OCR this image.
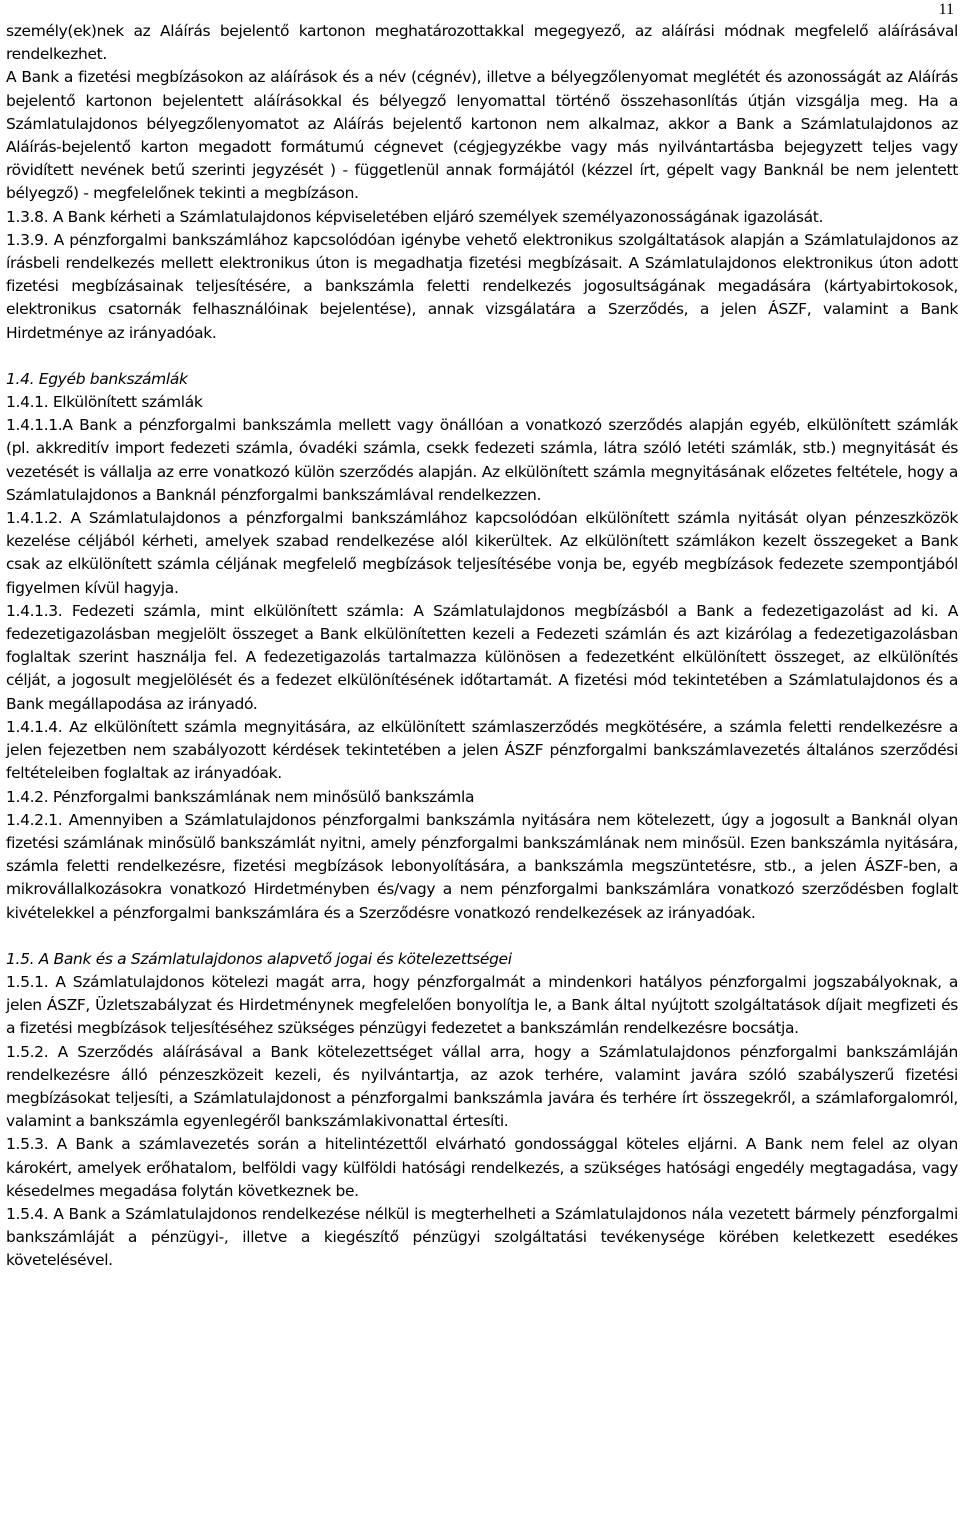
11

személy(ek)nek az Aláírás bejelentő kartonon meghatározottakkal megegyező, az aláírási módnak megfelelő aláírásával rendelkezhet.

A Bank a fizetési megbízásokon az aláírások és a név (cégnév), illetve a bélyegzőlenyomat meglétét és azonosságát az Aláírás bejelentő kartonon bejelentett aláírásokkal és bélyegző lenyomattal történő összehasonlítás útján vizsgálja meg. Ha a Számlatulajdonos bélyegzőlenyomatot az Aláírás bejelentő kartonon nem alkalmaz, akkor a Bank a Számlatulajdonos az Aláírás-bejelentő karton megadott formátumú cégnevet (cégjegyzékbe vagy más nyilvántartásba bejegyzett teljes vagy rövidített nevének betű szerinti jegyzését ) - függetlenül annak formájától (kézzel írt, gépelt vagy Banknál be nem jelentett bélyegző) - megfelelőnek tekinti a megbízáson.

1.3.8. A Bank kérheti a Számlatulajdonos képviseletében eljáró személyek személyazonosságának igazolását.

1.3.9. A pénzforgalmi bankszámlához kapcsolódóan igénybe vehető elektronikus szolgáltatások alapján a Számlatulajdonos az írásbeli rendelkezés mellett elektronikus úton is megadhatja fizetési megbízásait. A Számlatulajdonos elektronikus úton adott fizetési megbízásainak teljesítésére, a bankszámla feletti rendelkezés jogosultságának megadására (kártyabirtokosok, elektronikus csatornák felhasználóinak bejelentése), annak vizsgálatára a Szerződés, a jelen ÁSZF, valamint a Bank Hirdetménye az irányadóak.

1.4. Egyéb bankszámlák

1.4.1. Elkülönített számlák

1.4.1.1.A Bank a pénzforgalmi bankszámla mellett vagy önállóan a vonatkozó szerződés alapján egyéb, elkülönített számlák (pl. akkreditív import fedezeti számla, óvadéki számla, csekk fedezeti számla, látra szóló letéti számlák, stb.) megnyitását és vezetését is vállalja az erre vonatkozó külön szerződés alapján. Az elkülönített számla megnyitásának előzetes feltétele, hogy a Számlatulajdonos a Banknál pénzforgalmi bankszámlával rendelkezzen.

1.4.1.2. A Számlatulajdonos a pénzforgalmi bankszámlához kapcsolódóan elkülönített számla nyitását olyan pénzeszközök kezelése céljából kérheti, amelyek szabad rendelkezése alól kikerültek. Az elkülönített számlákon kezelt összegeket a Bank csak az elkülönített számla céljának megfelelő megbízások teljesítésébe vonja be, egyéb megbízások fedezete szempontjából figyelmen kívül hagyja.

1.4.1.3. Fedezeti számla, mint elkülönített számla: A Számlatulajdonos megbízásból a Bank a fedezetigazolást ad ki. A fedezetigazolásban megjelölt összeget a Bank elkülönítetten kezeli a Fedezeti számlán és azt kizárólag a fedezetigazolásban foglaltak szerint használja fel. A fedezetigazolás tartalmazza különösen a fedezetként elkülönített összeget, az elkülönítés célját, a jogosult megjelölését és a fedezet elkülönítésének időtartamát. A fizetési mód tekintetében a Számlatulajdonos és a Bank megállapodása az irányadó.

1.4.1.4. Az elkülönített számla megnyitására, az elkülönített számlaszerződés megkötésére, a számla feletti rendelkezésre a jelen fejezetben nem szabályozott kérdések tekintetében a jelen ÁSZF pénzforgalmi bankszámlavezetés általános szerződési feltételeiben foglaltak az irányadóak.

1.4.2. Pénzforgalmi bankszámlának nem minősülő bankszámla

1.4.2.1. Amennyiben a Számlatulajdonos pénzforgalmi bankszámla nyitására nem kötelezett, úgy a jogosult a Banknál olyan fizetési számlának minősülő bankszámlát nyitni, amely pénzforgalmi bankszámlának nem minősül. Ezen bankszámla nyitására, számla feletti rendelkezésre, fizetési megbízások lebonyolítására, a bankszámla megszüntetésre, stb., a jelen ÁSZF-ben, a mikrovállalkozásokra vonatkozó Hirdetményben és/vagy a nem pénzforgalmi bankszámlára vonatkozó szerződésben foglalt kivételekkel a pénzforgalmi bankszámlára és a Szerződésre vonatkozó rendelkezések az irányadóak.

1.5. A Bank és a Számlatulajdonos alapvető jogai és kötelezettségei

1.5.1. A Számlatulajdonos kötelezi magát arra, hogy pénzforgalmát a mindenkori hatályos pénzforgalmi jogszabályoknak, a jelen ÁSZF, Üzletszabályzat és Hirdetménynek megfelelően bonyolítja le, a Bank által nyújtott szolgáltatások díjait megfizeti és a fizetési megbízások teljesítéséhez szükséges pénzügyi fedezetet a bankszámlán rendelkezésre bocsátja.

1.5.2. A Szerződés aláírásával a Bank kötelezettséget vállal arra, hogy a Számlatulajdonos pénzforgalmi bankszámláján rendelkezésre álló pénzeszközeit kezeli, és nyilvántartja, az azok terhére, valamint javára szóló szabályszerű fizetési megbízásokat teljesíti, a Számlatulajdonost a pénzforgalmi bankszámla javára és terhére írt összegekről, a számlaforgalomról, valamint a bankszámla egyenlegéről bankszámlakivonattal értesíti.

1.5.3. A Bank a számlavezetés során a hitelintézettől elvárható gondossággal köteles eljárni. A Bank nem felel az olyan károkért, amelyek erőhatalom, belföldi vagy külföldi hatósági rendelkezés, a szükséges hatósági engedély megtagadása, vagy késedelmes megadása folytán következnek be.

1.5.4. A Bank a Számlatulajdonos rendelkezése nélkül is megterhelheti a Számlatulajdonos nála vezetett bármely pénzforgalmi bankszámláját a pénzügyi-, illetve a kiegészítő pénzügyi szolgáltatási tevékenysége körében keletkezett esedékes követelésével.
